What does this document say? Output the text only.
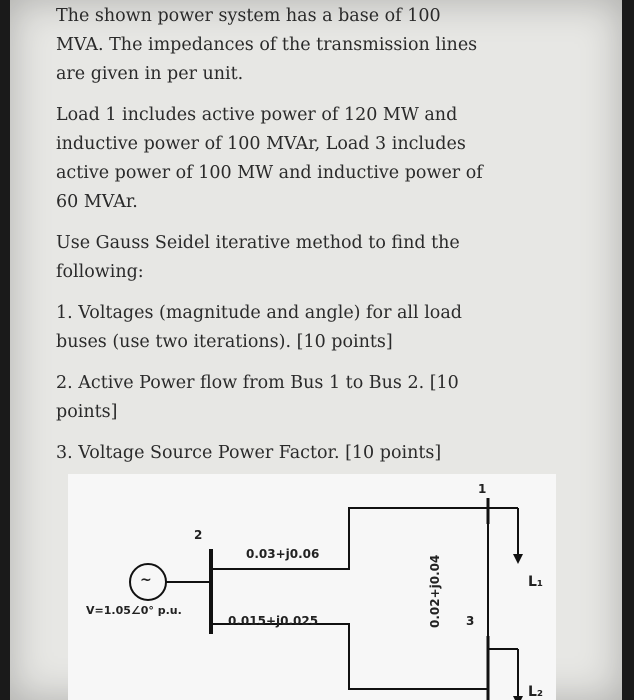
The shown power system has a base of 100
MVA. The impedances of the transmission lines
are given in per unit.

Load 1 includes active power of 120 MW and
inductive power of 100 MVAr, Load 3 includes
active power of 100 MW and inductive power of
60 MVAr.

Use Gauss Seidel iterative method to find the
following:

1. Voltages (magnitude and angle) for all load
buses (use two iterations). [10 points]

2. Active Power flow from Bus 1 to Bus 2. [10
points]

3. Voltage Source Power Factor. [10 points]

1
2
3
0.03+j0.06
0.015+j0.025	0.02+j0.04
V=1.05∠0° p.u.
~	L₁
L₂
